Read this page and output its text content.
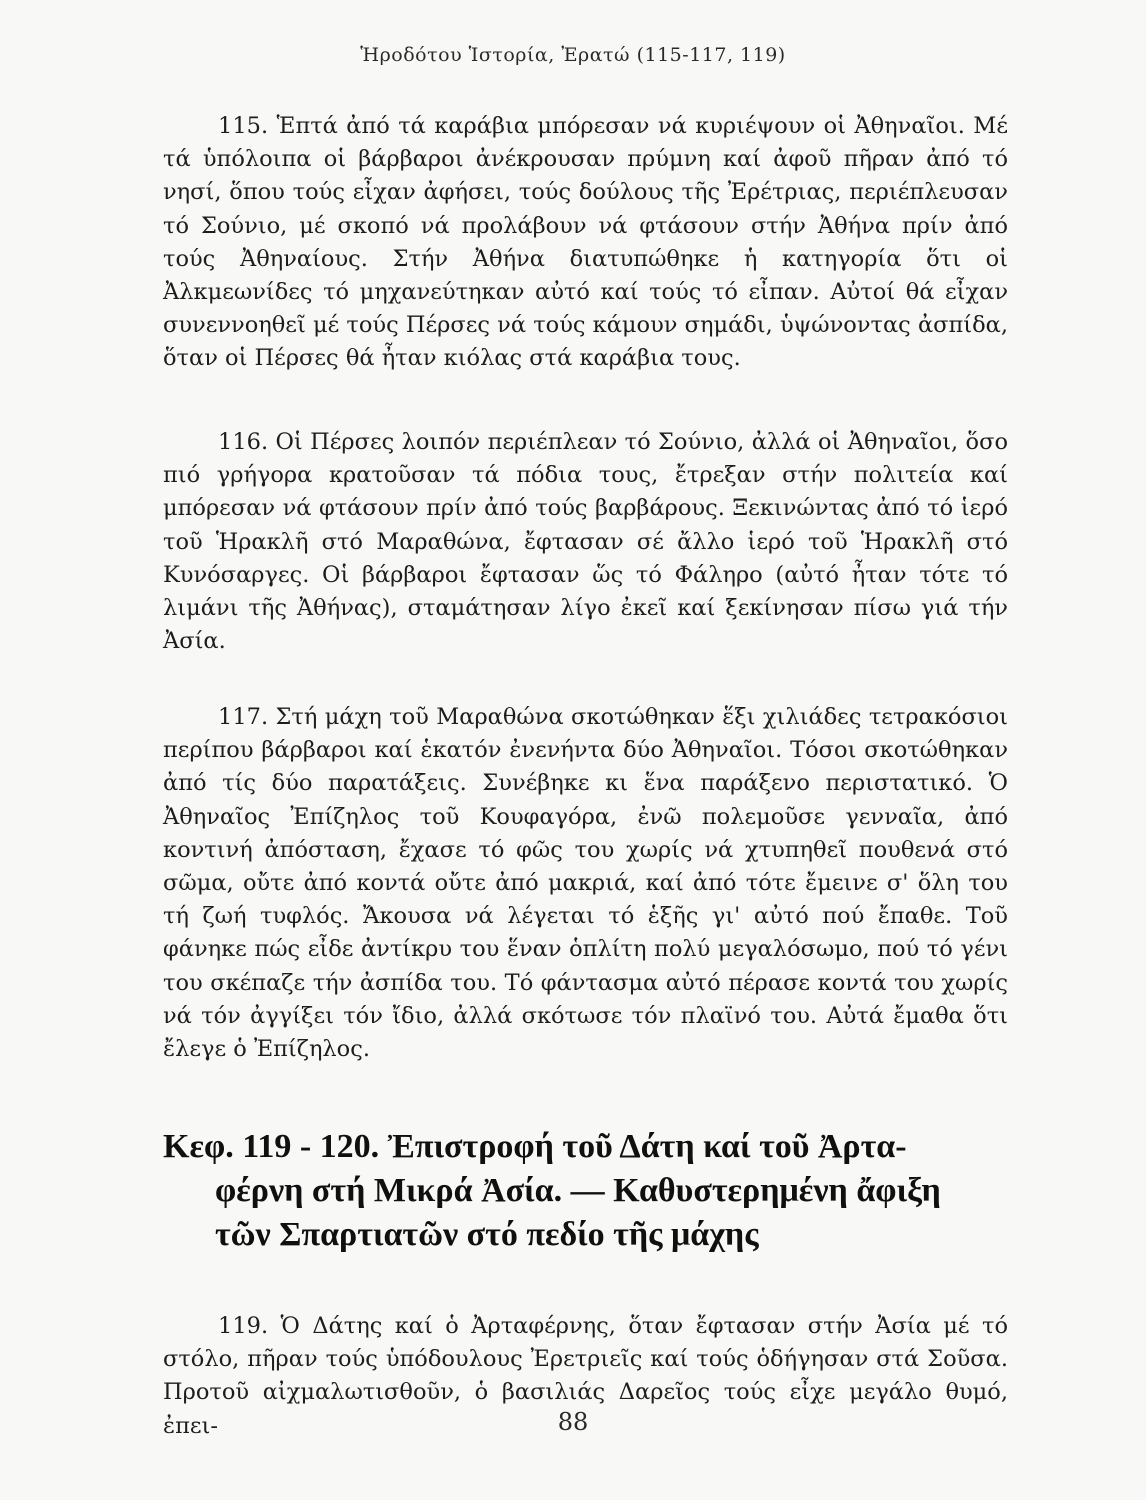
Ἡροδότου Ἱστορία, Ἐρατώ (115-117, 119)

115. Ἑπτά ἀπό τά καράβια μπόρεσαν νά κυριέψουν οἱ Ἀθηναῖοι. Μέ τά ὑπόλοιπα οἱ βάρβαροι ἀνέκρουσαν πρύμνη καί ἀφοῦ πῆραν ἀπό τό νησί, ὅπου τούς εἶχαν ἀφήσει, τούς δούλους τῆς Ἐρέτριας, περιέπλευσαν τό Σούνιο, μέ σκοπό νά προλάβουν νά φτάσουν στήν Ἀθήνα πρίν ἀπό τούς Ἀθηναίους. Στήν Ἀθήνα διατυπώθηκε ἡ κατηγορία ὅτι οἱ Ἀλκμεωνίδες τό μηχανεύτηκαν αὐτό καί τούς τό εἶπαν. Αὐτοί θά εἶχαν συνεννοηθεῖ μέ τούς Πέρσες νά τούς κάμουν σημάδι, ὑψώνοντας ἀσπίδα, ὅταν οἱ Πέρσες θά ἦταν κιόλας στά καράβια τους.

116. Οἱ Πέρσες λοιπόν περιέπλεαν τό Σούνιο, ἀλλά οἱ Ἀθηναῖοι, ὅσο πιό γρήγορα κρατοῦσαν τά πόδια τους, ἔτρεξαν στήν πολιτεία καί μπόρεσαν νά φτάσουν πρίν ἀπό τούς βαρβάρους. Ξεκινώντας ἀπό τό ἱερό τοῦ Ἡρακλῆ στό Μαραθώνα, ἔφτασαν σέ ἄλλο ἱερό τοῦ Ἡρακλῆ στό Κυνόσαργες. Οἱ βάρβαροι ἔφτασαν ὥς τό Φάληρο (αὐτό ἦταν τότε τό λιμάνι τῆς Ἀθήνας), σταμάτησαν λίγο ἐκεῖ καί ξεκίνησαν πίσω γιά τήν Ἀσία.

117. Στή μάχη τοῦ Μαραθώνα σκοτώθηκαν ἕξι χιλιάδες τετρακόσιοι περίπου βάρβαροι καί ἑκατόν ἐνενήντα δύο Ἀθηναῖοι. Τόσοι σκοτώθηκαν ἀπό τίς δύο παρατάξεις. Συνέβηκε κι ἕνα παράξενο περιστατικό. Ὁ Ἀθηναῖος Ἐπίζηλος τοῦ Κουφαγόρα, ἐνῶ πολεμοῦσε γενναῖα, ἀπό κοντινή ἀπόσταση, ἔχασε τό φῶς του χωρίς νά χτυπηθεῖ πουθενά στό σῶμα, οὔτε ἀπό κοντά οὔτε ἀπό μακριά, καί ἀπό τότε ἔμεινε σ' ὅλη του τή ζωή τυφλός. Ἄκουσα νά λέγεται τό ἑξῆς γι' αὐτό πού ἔπαθε. Τοῦ φάνηκε πώς εἶδε ἀντίκρυ του ἕναν ὁπλίτη πολύ μεγαλόσωμο, πού τό γένι του σκέπαζε τήν ἀσπίδα του. Τό φάντασμα αὐτό πέρασε κοντά του χωρίς νά τόν ἀγγίξει τόν ἴδιο, ἀλλά σκότωσε τόν πλαϊνό του. Αὐτά ἔμαθα ὅτι ἔλεγε ὁ Ἐπίζηλος.

Κεφ. 119 - 120. Ἐπιστροφή τοῦ Δάτη καί τοῦ Ἀρτα-
φέρνη στή Μικρά Ἀσία. — Καθυστερημένη ἄφιξη
τῶν Σπαρτιατῶν στό πεδίο τῆς μάχης

119. Ὁ Δάτης καί ὁ Ἀρταφέρνης, ὅταν ἔφτασαν στήν Ἀσία μέ τό στόλο, πῆραν τούς ὑπόδουλους Ἐρετριεῖς καί τούς ὁδήγησαν στά Σοῦσα. Προτοῦ αἰχμαλωτισθοῦν, ὁ βασιλιάς Δαρεῖος τούς εἶχε μεγάλο θυμό, ἐπει-	88
